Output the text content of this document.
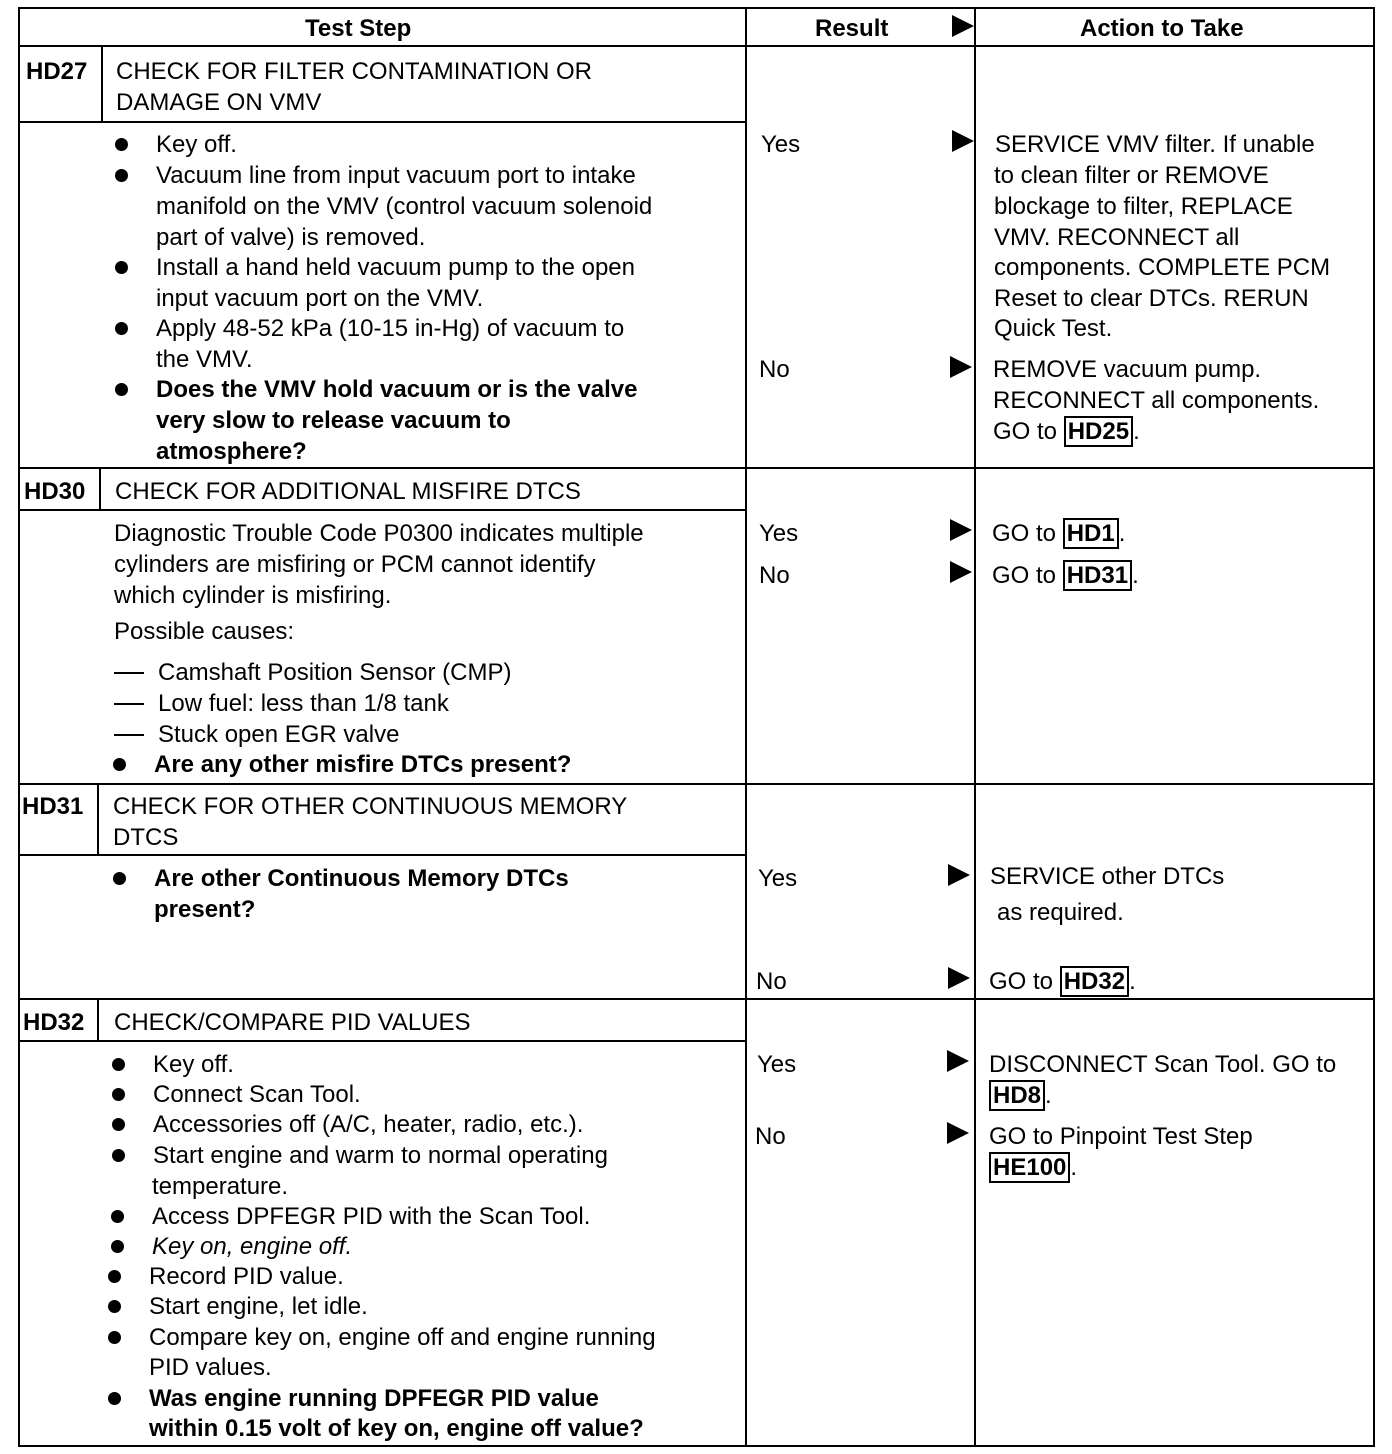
Test Step	Result	Action to Take
HD27 CHECK FOR FILTER CONTAMINATION OR
DAMAGE ON VMV
Key off.
Vacuum line from input vacuum port to intake
manifold on the VMV (control vacuum solenoid
part of valve) is removed.
Install a hand held vacuum pump to the open
input vacuum port on the VMV.
Apply 48-52 kPa (10-15 in-Hg) of vacuum to
the VMV.
Does the VMV hold vacuum or is the valve
very slow to release vacuum to
atmosphere?
Yes
No
SERVICE VMV filter. If unable
to clean filter or REMOVE
blockage to filter, REPLACE
VMV. RECONNECT all
components. COMPLETE PCM
Reset to clear DTCs. RERUN
Quick Test.
REMOVE vacuum pump.
RECONNECT all components.
GO to HD25 .
HD30 CHECK FOR ADDITIONAL MISFIRE DTCS
Diagnostic Trouble Code P0300 indicates multiple
cylinders are misfiring or PCM cannot identify
which cylinder is misfiring.
Possible causes:
Camshaft Position Sensor (CMP)
Low fuel: less than 1/8 tank
Stuck open EGR valve
Are any other misfire DTCs present?
Yes
No
GO to HD1 .
GO to HD31 .
HD31 CHECK FOR OTHER CONTINUOUS MEMORY
DTCS
Are other Continuous Memory DTCs
present?
Yes
No
SERVICE other DTCs
as required.
GO to HD32 .
HD32 CHECK/COMPARE PID VALUES
Key off.
Connect Scan Tool.
Accessories off (A/C, heater, radio, etc.).
Start engine and warm to normal operating
temperature.
Access DPFEGR PID with the Scan Tool.
Key on, engine off.
Record PID value.
Start engine, let idle.
Compare key on, engine off and engine running
PID values.
Was engine running DPFEGR PID value
within 0.15 volt of key on, engine off value?
Yes
No
DISCONNECT Scan Tool. GO to
HD8 .
GO to Pinpoint Test Step
HE100 .
